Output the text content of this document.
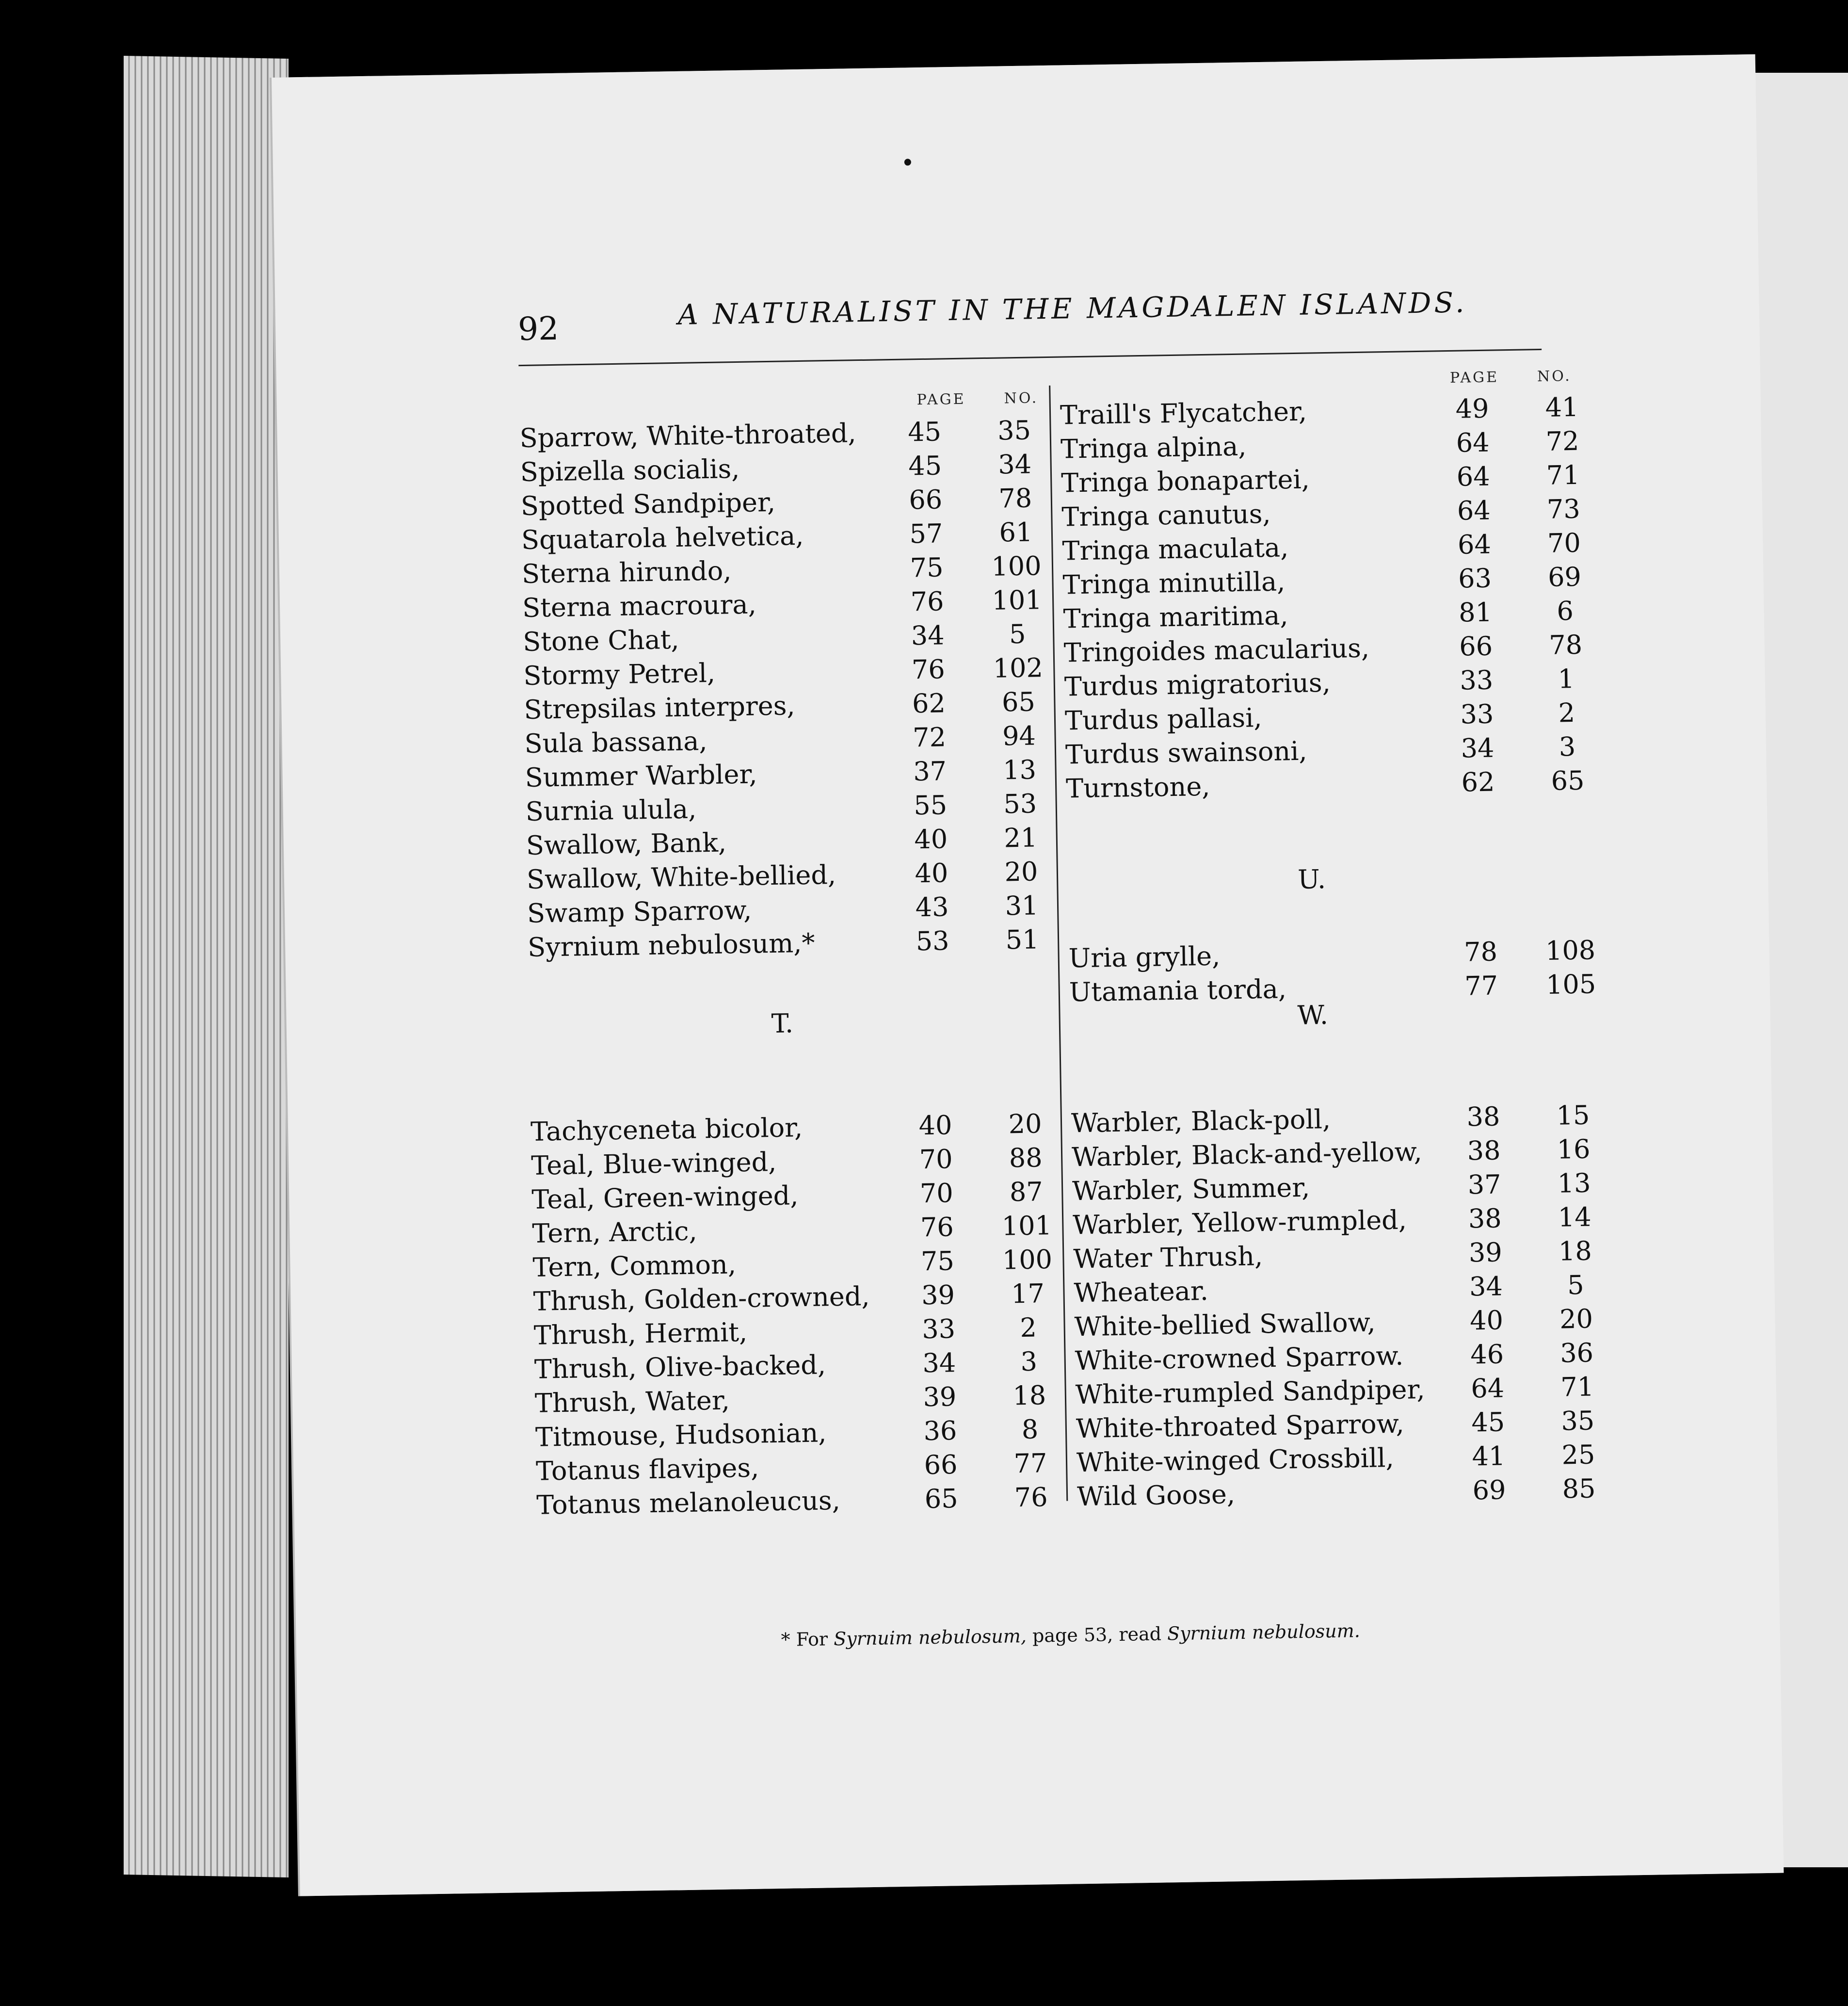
92	A NATURALIST IN THE MAGDALEN ISLANDS.
PAGE	NO.
PAGE	NO.
Sparrow, White-throated,	45	35
Spizella socialis,	45	34
Spotted Sandpiper,	66	78
Squatarola helvetica,	57	61
Sterna hirundo,	75	100
Sterna macroura,	76	101
Stone Chat,	34	5
Stormy Petrel,	76	102
Strepsilas interpres,	62	65
Sula bassana,	72	94
Summer Warbler,	37	13
Surnia ulula,	55	53
Swallow, Bank,	40	21
Swallow, White-bellied,	40	20
Swamp Sparrow,	43	31
Syrnium nebulosum,*	53	51
T.
Tachyceneta bicolor,	40	20
Teal, Blue-winged,	70	88
Teal, Green-winged,	70	87
Tern, Arctic,	76	101
Tern, Common,	75	100
Thrush, Golden-crowned,	39	17
Thrush, Hermit,	33	2
Thrush, Olive-backed,	34	3
Thrush, Water,	39	18
Titmouse, Hudsonian,	36	8
Totanus flavipes,	66	77
Totanus melanoleucus,	65	76
Traill's Flycatcher,	49	41
Tringa alpina,	64	72
Tringa bonapartei,	64	71
Tringa canutus,	64	73
Tringa maculata,	64	70
Tringa minutilla,	63	69
Tringa maritima,	81	6
Tringoides macularius,	66	78
Turdus migratorius,	33	1
Turdus pallasi,	33	2
Turdus swainsoni,	34	3
Turnstone,	62	65
U.
Uria grylle,	78	108
Utamania torda,	77	105
W.
Warbler, Black-poll,	38	15
Warbler, Black-and-yellow,	38	16
Warbler, Summer,	37	13
Warbler, Yellow-rumpled,	38	14
Water Thrush,	39	18
Wheatear.	34	5
White-bellied Swallow,	40	20
White-crowned Sparrow.	46	36
White-rumpled Sandpiper,	64	71
White-throated Sparrow,	45	35
White-winged Crossbill,	41	25
Wild Goose,	69	85
* For Syrnuim nebulosum, page 53, read Syrnium nebulosum.
